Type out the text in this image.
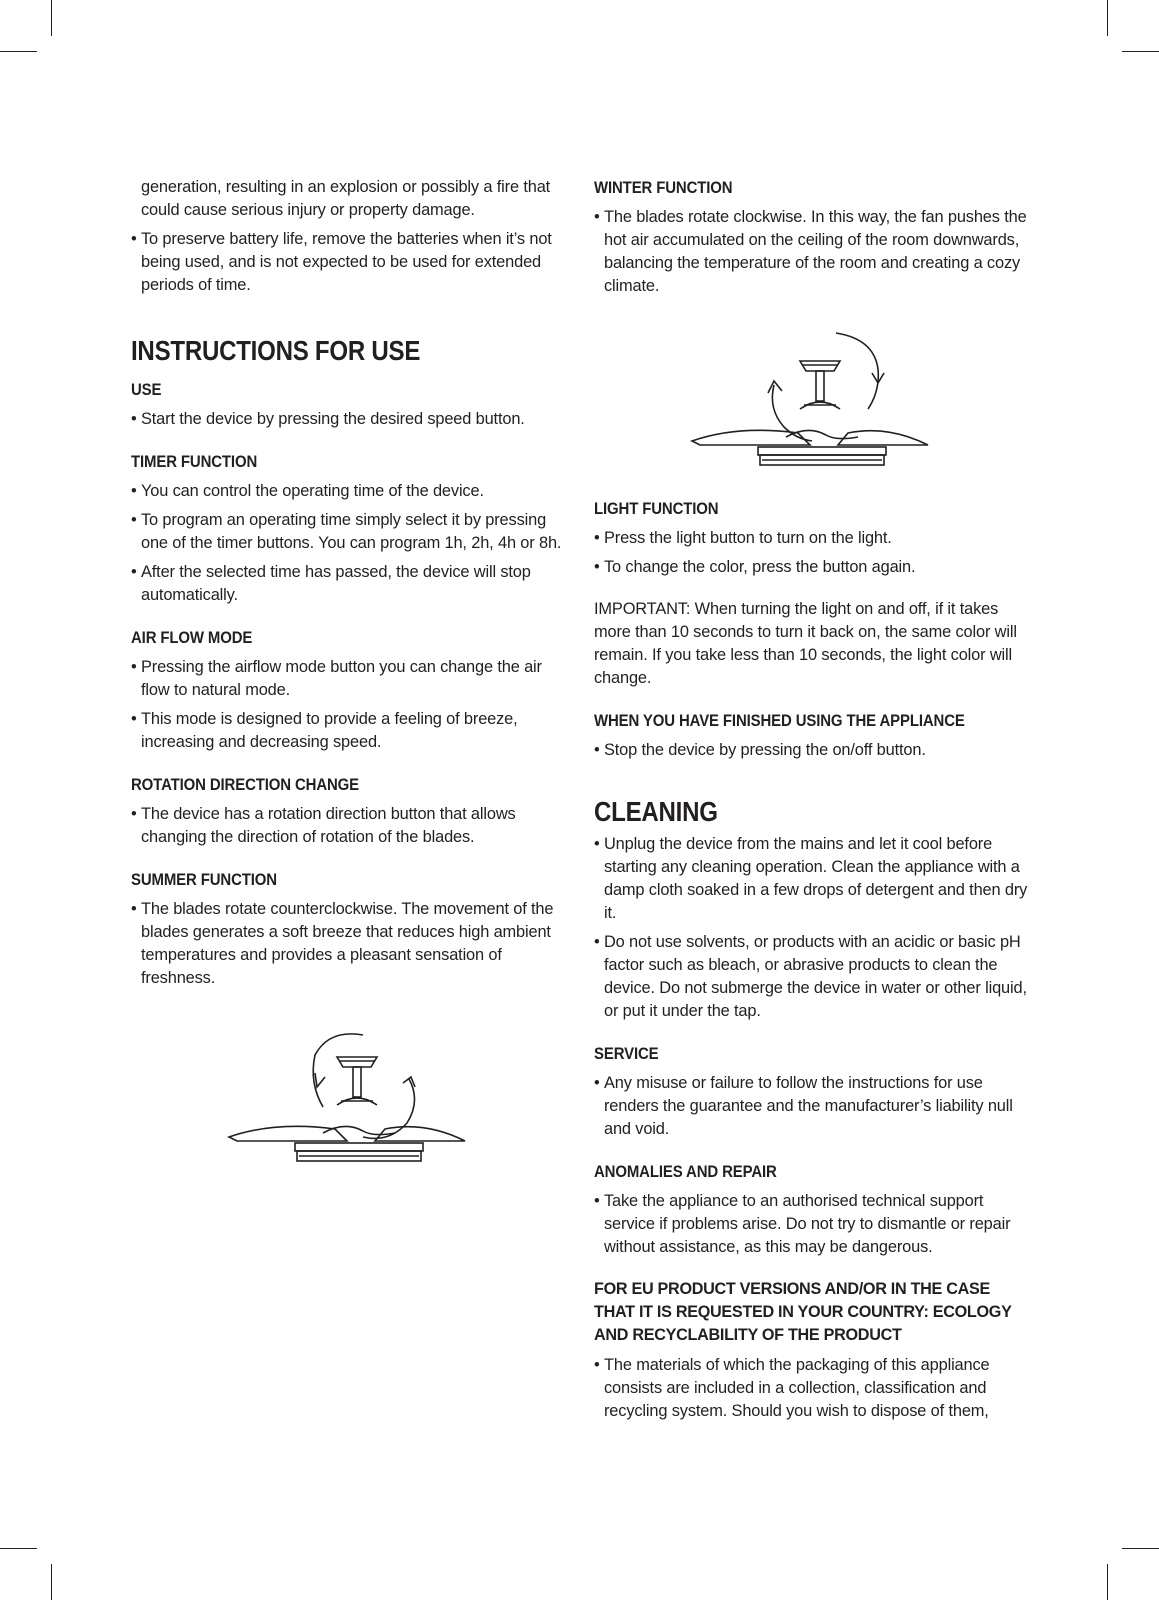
generation, resulting in an explosion or possibly a fire that could cause serious injury or property damage.
• To preserve battery life, remove the batteries when it’s not being used, and is not expected to be used for extended periods of time.
INSTRUCTIONS FOR USE
USE
• Start the device by pressing the desired speed button.
TIMER FUNCTION
• You can control the operating time of the device.
• To program an operating time simply select it by pressing one of the timer buttons. You can program 1h, 2h, 4h or 8h.
• After the selected time has passed, the device will stop automatically.
AIR FLOW MODE
• Pressing the airflow mode button you can change the air flow to natural mode.
• This mode is designed to provide a feeling of breeze, increasing and decreasing speed.
ROTATION DIRECTION CHANGE
• The device has a rotation direction button that allows changing the direction of rotation of the blades.
SUMMER FUNCTION
• The blades rotate counterclockwise. The movement of the blades generates a soft breeze that reduces high ambient temperatures and provides a pleasant sensation of freshness.
WINTER FUNCTION
• The blades rotate clockwise. In this way, the fan pushes the hot air accumulated on the ceiling of the room downwards, balancing the temperature of the room and creating a cozy climate.
LIGHT FUNCTION
• Press the light button to turn on the light.
• To change the color, press the button again.

IMPORTANT: When turning the light on and off, if it takes more than 10 seconds to turn it back on, the same color will remain. If you take less than 10 seconds, the light color will change.

WHEN YOU HAVE FINISHED USING THE APPLIANCE
• Stop the device by pressing the on/off button.
CLEANING
• Unplug the device from the mains and let it cool before starting any cleaning operation. Clean the appliance with a damp cloth soaked in a few drops of detergent and then dry it.
• Do not use solvents, or products with an acidic or basic pH factor such as bleach, or abrasive products to clean the device. Do not submerge the device in water or other liquid, or put it under the tap.
SERVICE
• Any misuse or failure to follow the instructions for use renders the guarantee and the manufacturer’s liability null and void.
ANOMALIES AND REPAIR
• Take the appliance to an authorised technical support service if problems arise. Do not try to dismantle or repair without assistance, as this may be dangerous.
FOR EU PRODUCT VERSIONS AND/OR IN THE CASE THAT IT IS REQUESTED IN YOUR COUNTRY: ECOLOGY AND RECYCLABILITY OF THE PRODUCT
• The materials of which the packaging of this appliance consists are included in a collection, classification and recycling system. Should you wish to dispose of them,
